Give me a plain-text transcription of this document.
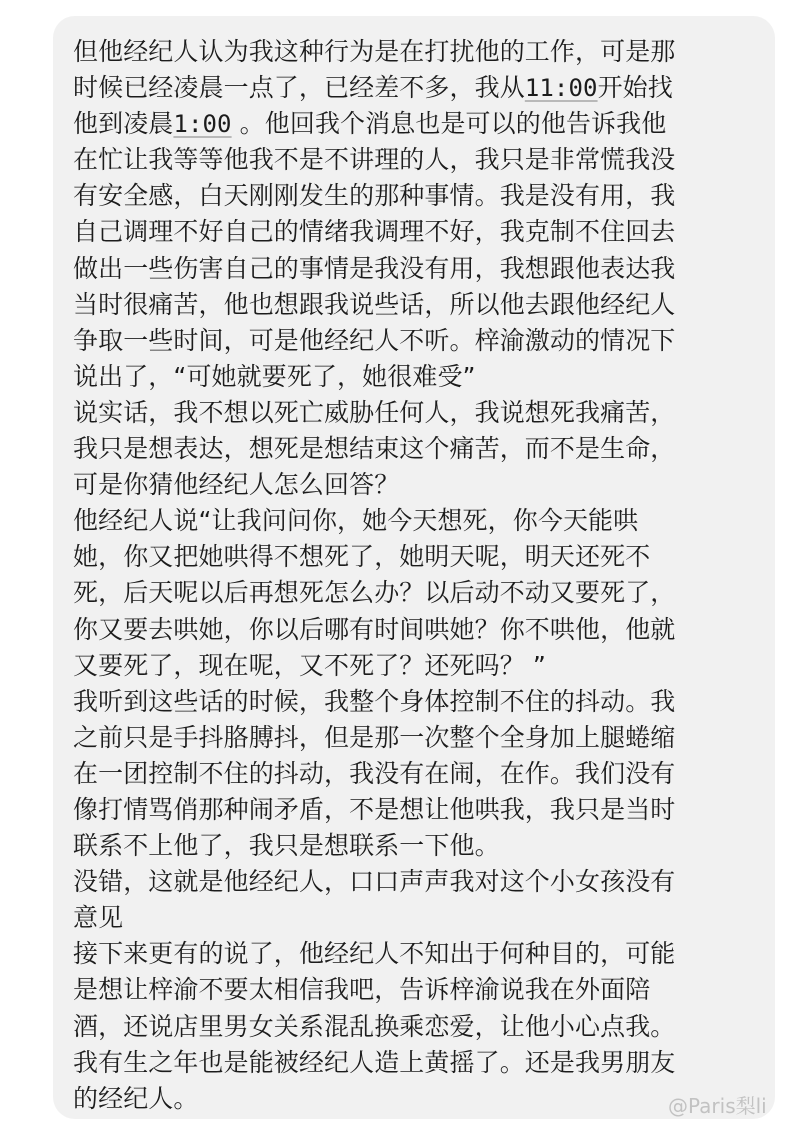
但他经纪人认为我这种行为是在打扰他的工作，可是那
时候已经凌晨一点了，已经差不多，我从11:00开始找
他到凌晨1:00 。他回我个消息也是可以的他告诉我他
在忙让我等等他我不是不讲理的人，我只是非常慌我没
有安全感，白天刚刚发生的那种事情。我是没有用，我
自己调理不好自己的情绪我调理不好，我克制不住回去
做出一些伤害自己的事情是我没有用，我想跟他表达我
当时很痛苦，他也想跟我说些话，所以他去跟他经纪人
争取一些时间，可是他经纪人不听。梓渝激动的情况下
说出了，“可她就要死了，她很难受”
说实话，我不想以死亡威胁任何人，我说想死我痛苦，
我只是想表达，想死是想结束这个痛苦，而不是生命，
可是你猜他经纪人怎么回答？
他经纪人说“让我问问你，她今天想死，你今天能哄
她，你又把她哄得不想死了，她明天呢，明天还死不
死，后天呢以后再想死怎么办？以后动不动又要死了，
你又要去哄她，你以后哪有时间哄她？你不哄他，他就
又要死了，现在呢，又不死了？还死吗？ ”
我听到这些话的时候，我整个身体控制不住的抖动。我
之前只是手抖胳膊抖，但是那一次整个全身加上腿蜷缩
在一团控制不住的抖动，我没有在闹，在作。我们没有
像打情骂俏那种闹矛盾，不是想让他哄我，我只是当时
联系不上他了，我只是想联系一下他。
没错，这就是他经纪人，口口声声我对这个小女孩没有
意见
接下来更有的说了，他经纪人不知出于何种目的，可能
是想让梓渝不要太相信我吧，告诉梓渝说我在外面陪
酒，还说店里男女关系混乱换乘恋爱，让他小心点我。
我有生之年也是能被经纪人造上黄摇了。还是我男朋友
的经纪人。	@Paris梨li
